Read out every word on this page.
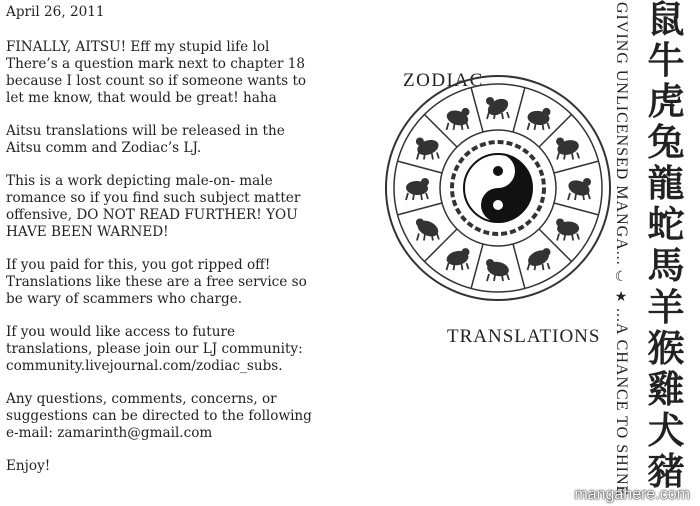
April 26, 2011

FINALLY, AITSU! Eff my stupid life lol There’s a question mark next to chapter 18 because I lost count so if someone wants to let me know, that would be great! haha

Aitsu translations will be released in the Aitsu comm and Zodiac’s LJ.

This is a work depicting male-on- male romance so if you find such subject matter offensive, DO NOT READ FURTHER! YOU HAVE BEEN WARNED!

If you paid for this, you got ripped off! Translations like these are a free service so be wary of scammers who charge.

If you would like access to future translations, please join our LJ community: community.livejournal.com/zodiac_subs.

Any questions, comments, concerns, or suggestions can be directed to the following e-mail: zamarinth@gmail.com

Enjoy!

ZODIAC
TRANSLATIONS
GIVING UNLICENSED MANGA...
☾
★
...A CHANCE TO SHINE
鼠
牛
虎
兔
龍
蛇
馬
羊
猴
雞
犬
豬
mangahere.com
